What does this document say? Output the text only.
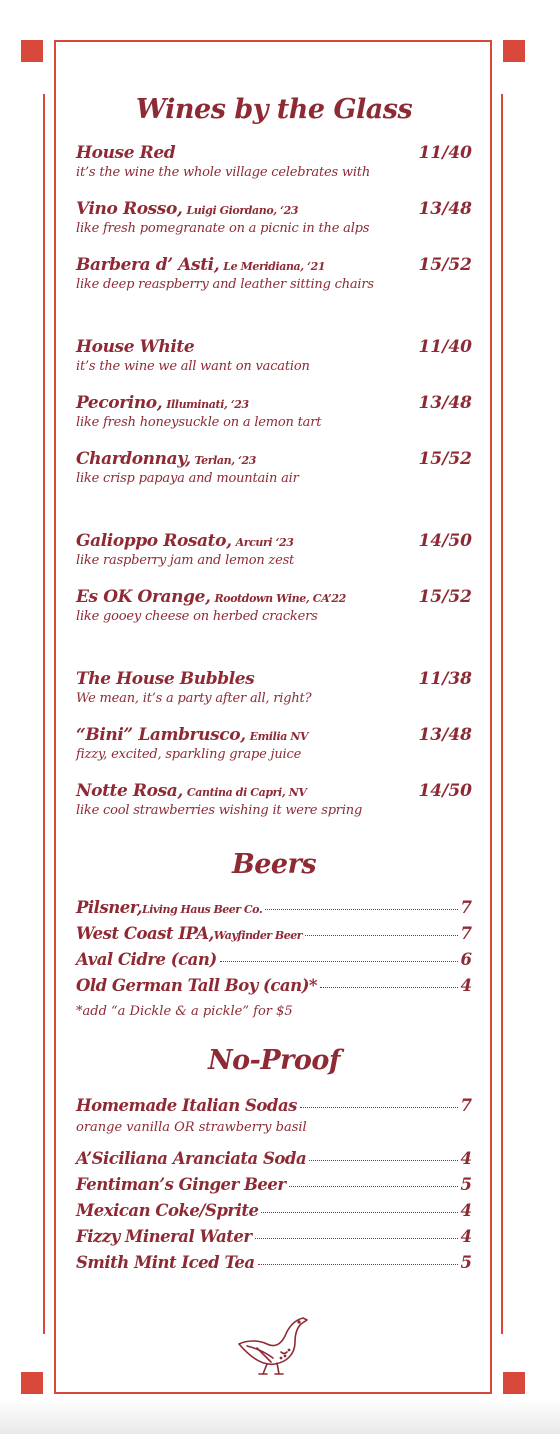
Wines by the Glass
House Red	11/40
it’s the wine the whole village celebrates with
Vino Rosso, Luigi Giordano, ‘23	13/48
like fresh pomegranate on a picnic in the alps
Barbera d’ Asti, Le Meridiana, ‘21	15/52
like deep reaspberry and leather sitting chairs
House White	11/40
it’s the wine we all want on vacation
Pecorino, Illuminati, ‘23	13/48
like fresh honeysuckle on a lemon tart
Chardonnay, Terlan, ‘23	15/52
like crisp papaya and mountain air
Galioppo Rosato, Arcuri ‘23	14/50
like raspberry jam and lemon zest
Es OK Orange, Rootdown Wine, CA’22	15/52
like gooey cheese on herbed crackers
The House Bubbles	11/38
We mean, it’s a party after all, right?
“Bini” Lambrusco, Emilia NV	13/48
fizzy, excited, sparkling grape juice
Notte Rosa, Cantina di Capri, NV	14/50
like cool strawberries wishing it were spring
Beers
Pilsner,Living Haus Beer Co.	7
West Coast IPA,Wayfinder Beer	7
Aval Cidre (can)	6
Old German Tall Boy (can)*	4
*add “a Dickle & a pickle” for $5
No-Proof
Homemade Italian Sodas	7
orange vanilla OR strawberry basil
A’Siciliana Aranciata Soda	4
Fentiman’s Ginger Beer	5
Mexican Coke/Sprite	4
Fizzy Mineral Water	4
Smith Mint Iced Tea	5
